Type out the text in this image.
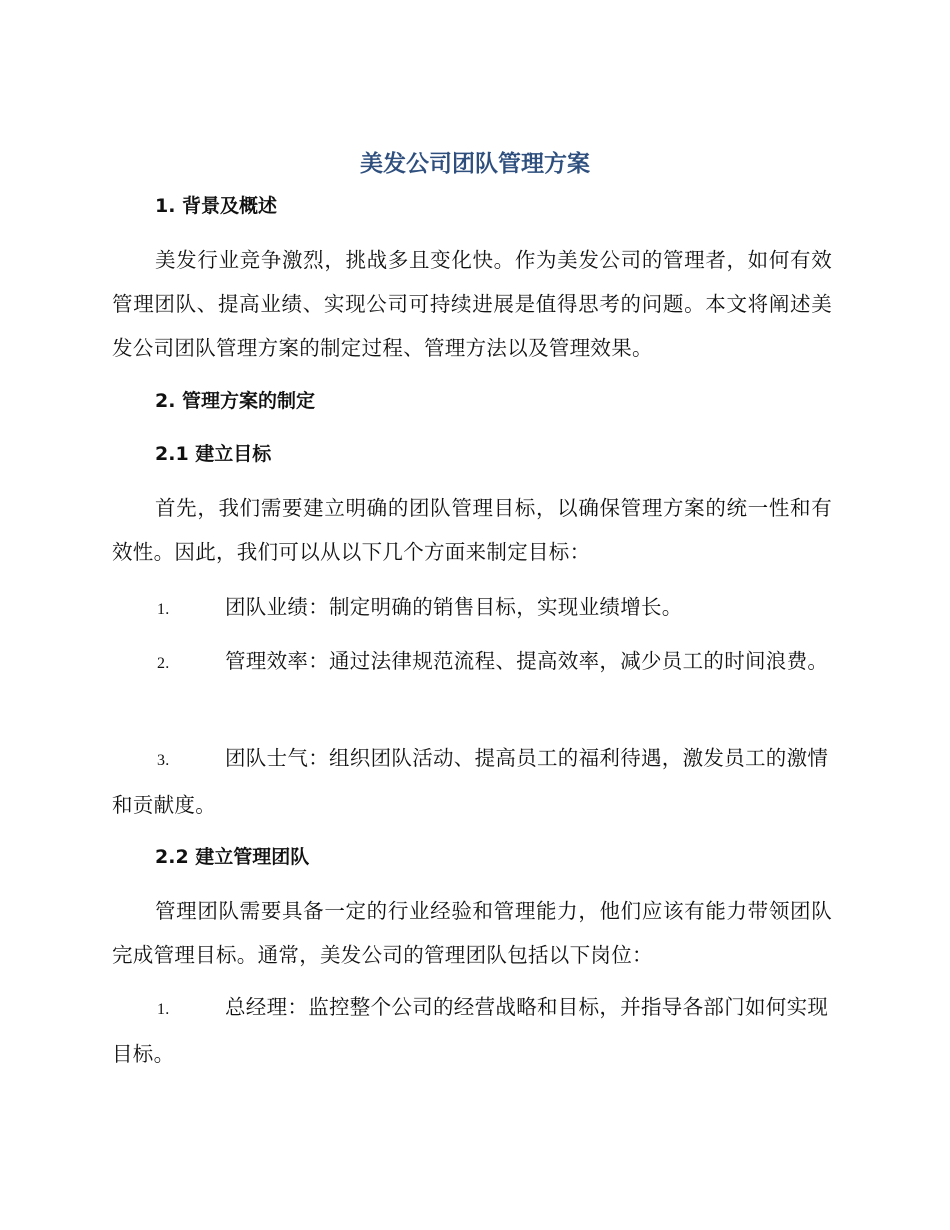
美发公司团队管理方案
1. 背景及概述
美发行业竞争激烈，挑战多且变化快。作为美发公司的管理者，如何有效管理团队、提高业绩、实现公司可持续进展是值得思考的问题。本文将阐述美发公司团队管理方案的制定过程、管理方法以及管理效果。
2. 管理方案的制定
2.1 建立目标
首先，我们需要建立明确的团队管理目标，以确保管理方案的统一性和有效性。因此，我们可以从以下几个方面来制定目标：
1.	团队业绩：制定明确的销售目标，实现业绩增长。
2.	管理效率：通过法律规范流程、提高效率，减少员工的时间浪费。
3.	团队士气：组织团队活动、提高员工的福利待遇，激发员工的激情和贡献度。
2.2 建立管理团队
管理团队需要具备一定的行业经验和管理能力，他们应该有能力带领团队完成管理目标。通常，美发公司的管理团队包括以下岗位：
1.	总经理：监控整个公司的经营战略和目标，并指导各部门如何实现目标。
